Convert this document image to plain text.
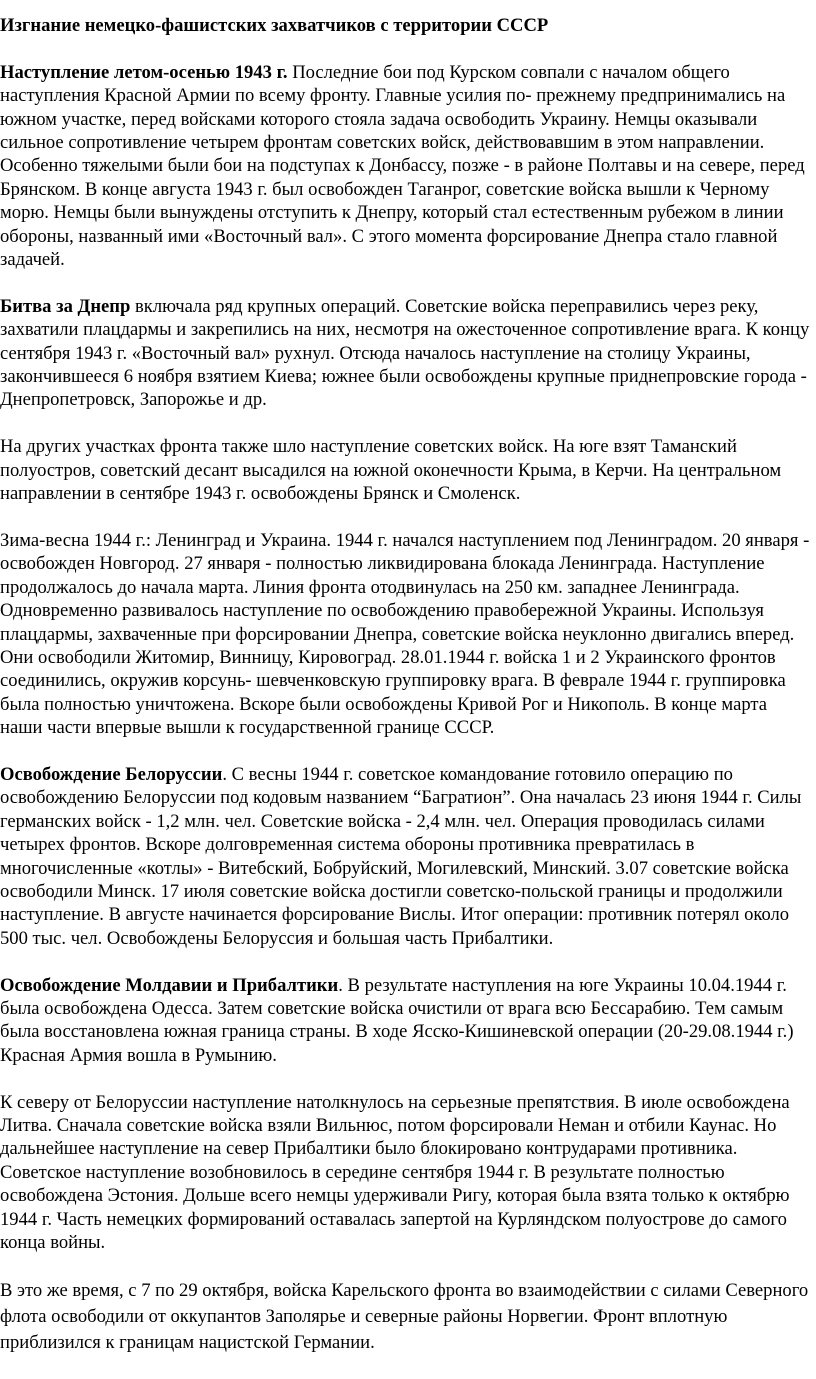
Изгнание немецко-фашистских захватчиков с территории СССР

Наступление летом-осенью 1943 г. Последние бои под Курском совпали с началом общего наступления Красной Армии по всему фронту. Главные усилия по- прежнему предпринимались на южном участке, перед войсками которого стояла задача освободить Украину. Немцы оказывали сильное сопротивление четырем фронтам советских войск, действовавшим в этом направлении. Особенно тяжелыми были бои на подступах к Донбассу, позже - в районе Полтавы и на севере, перед Брянском. В конце августа 1943 г. был освобожден Таганрог, советские войска вышли к Черному морю. Немцы были вынуждены отступить к Днепру, который стал естественным рубежом в линии обороны, названный ими «Восточный вал». С этого момента форсирование Днепра стало главной задачей.

Битва за Днепр включала ряд крупных операций. Советские войска переправились через реку, захватили плацдармы и закрепились на них, несмотря на ожесточенное сопротивление врага. К концу сентября 1943 г. «Восточный вал» рухнул. Отсюда началось наступление на столицу Украины, закончившееся 6 ноября взятием Киева; южнее были освобождены крупные приднепровские города - Днепропетровск, Запорожье и др.

На других участках фронта также шло наступление советских войск. На юге взят Таманский полуостров, советский десант высадился на южной оконечности Крыма, в Керчи. На центральном направлении в сентябре 1943 г. освобождены Брянск и Смоленск.

Зима-весна 1944 г.: Ленинград и Украина. 1944 г. начался наступлением под Ленинградом. 20 января - освобожден Новгород. 27 января - полностью ликвидирована блокада Ленинграда. Наступление продолжалось до начала марта. Линия фронта отодвинулась на 250 км. западнее Ленинграда. Одновременно развивалось наступление по освобождению правобережной Украины. Используя плацдармы, захваченные при форсировании Днепра, советские войска неуклонно двигались вперед. Они освободили Житомир, Винницу, Кировоград. 28.01.1944 г. войска 1 и 2 Украинского фронтов соединились, окружив корсунь- шевченковскую группировку врага. В феврале 1944 г. группировка была полностью уничтожена. Вскоре были освобождены Кривой Рог и Никополь. В конце марта наши части впервые вышли к государственной границе СССР.

Освобождение Белоруссии. С весны 1944 г. советское командование готовило операцию по освобождению Белоруссии под кодовым названием “Багратион”. Она началась 23 июня 1944 г. Силы германских войск - 1,2 млн. чел. Советские войска - 2,4 млн. чел. Операция проводилась силами четырех фронтов. Вскоре долговременная система обороны противника превратилась в многочисленные «котлы» - Витебский, Бобруйский, Могилевский, Минский. 3.07 советские войска освободили Минск. 17 июля советские войска достигли советско-польской границы и продолжили наступление. В августе начинается форсирование Вислы. Итог операции: противник потерял около 500 тыс. чел. Освобождены Белоруссия и большая часть Прибалтики.

Освобождение Молдавии и Прибалтики. В результате наступления на юге Украины 10.04.1944 г. была освобождена Одесса. Затем советские войска очистили от врага всю Бессарабию. Тем самым была восстановлена южная граница страны. В ходе Ясско-Кишиневской операции (20-29.08.1944 г.) Красная Армия вошла в Румынию.

К северу от Белоруссии наступление натолкнулось на серьезные препятствия. В июле освобождена Литва. Сначала советские войска взяли Вильнюс, потом форсировали Неман и отбили Каунас. Но дальнейшее наступление на север Прибалтики было блокировано контрударами противника. Советское наступление возобновилось в середине сентября 1944 г. В результате полностью освобождена Эстония. Дольше всего немцы удерживали Ригу, которая была взята только к октябрю 1944 г. Часть немецких формирований оставалась запертой на Курляндском полуострове до самого конца войны.

В это же время, с 7 по 29 октября, войска Карельского фронта во взаимодействии с силами Северного флота освободили от оккупантов Заполярье и северные районы Норвегии. Фронт вплотную приблизился к границам нацистской Германии.
